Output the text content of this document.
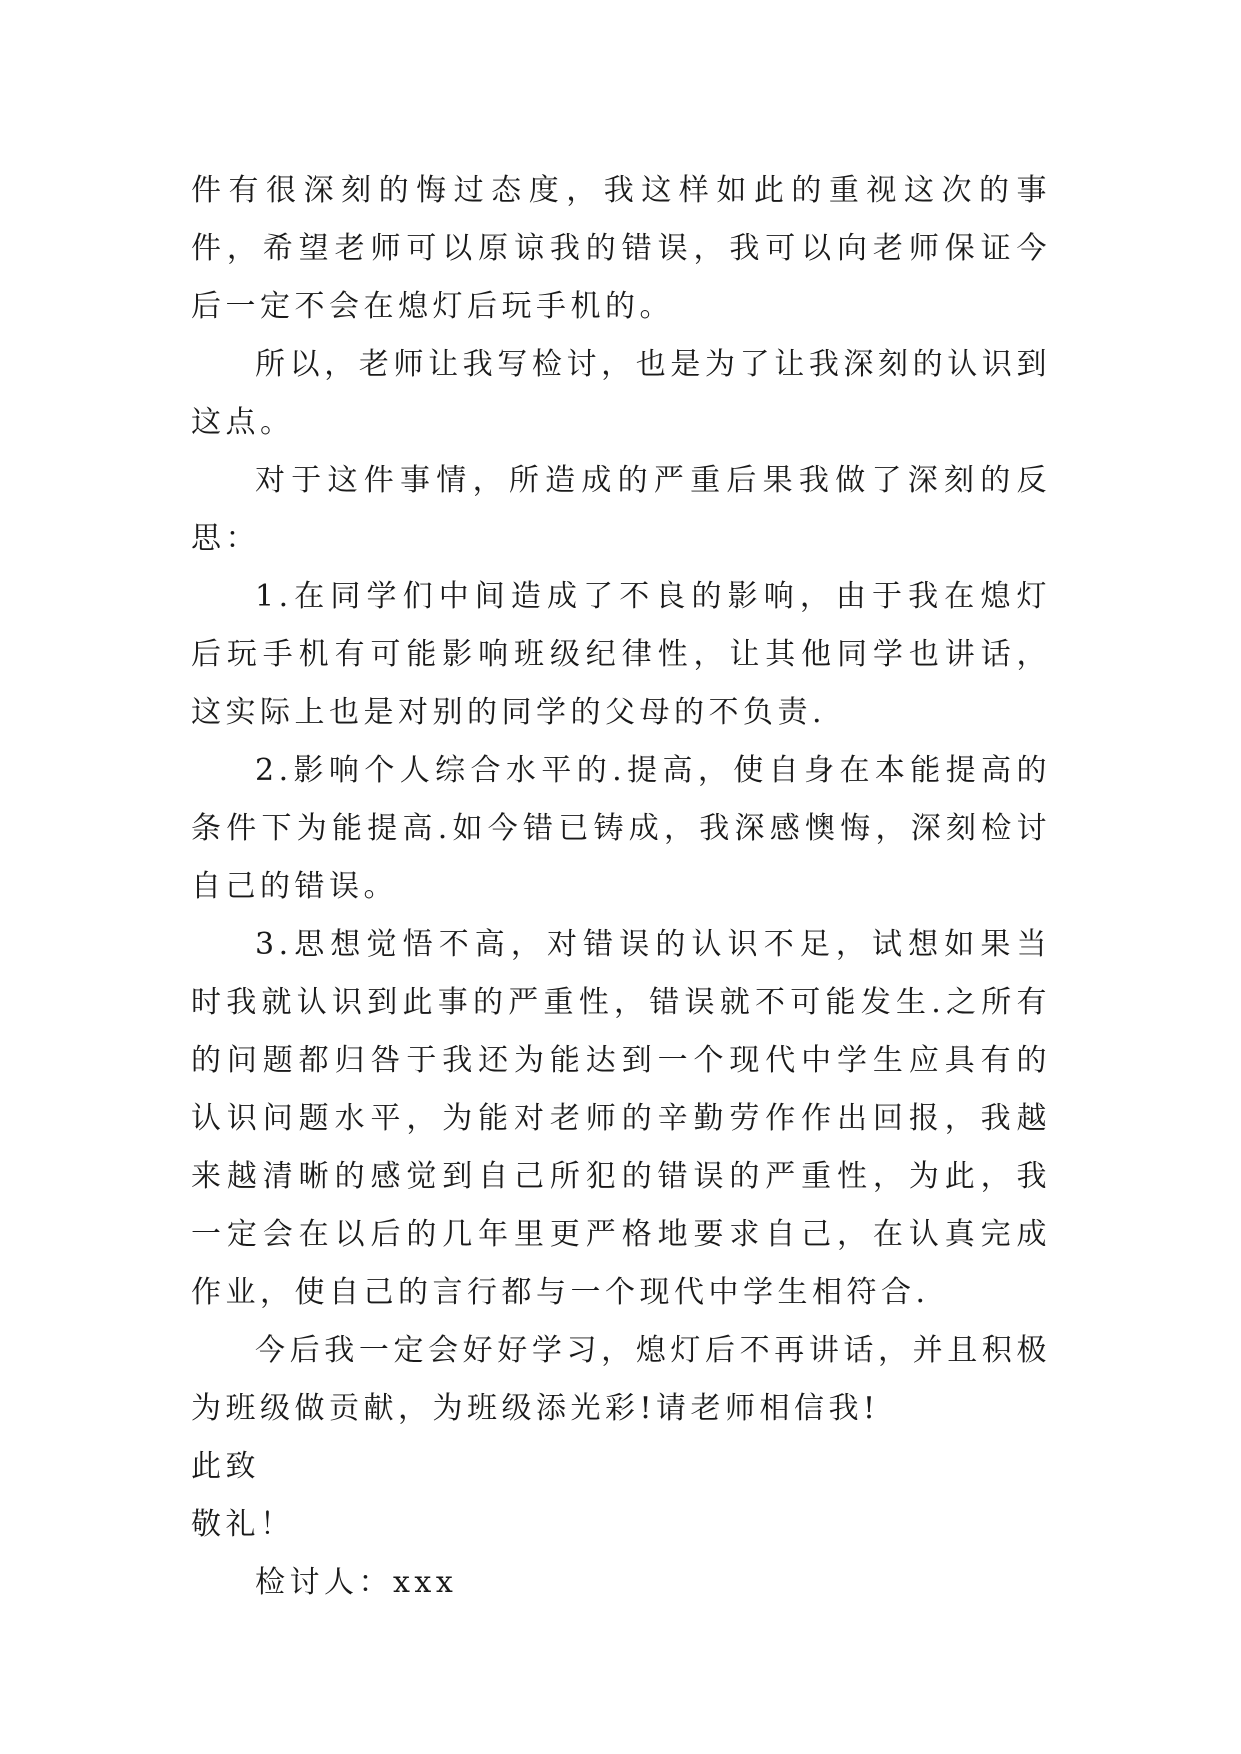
件有很深刻的悔过态度，我这样如此的重视这次的事件，希望老师可以原谅我的错误，我可以向老师保证今后一定不会在熄灯后玩手机的。

所以，老师让我写检讨，也是为了让我深刻的认识到这点。

对于这件事情，所造成的严重后果我做了深刻的反思：

1.在同学们中间造成了不良的影响，由于我在熄灯后玩手机有可能影响班级纪律性，让其他同学也讲话，这实际上也是对别的同学的父母的不负责.

2.影响个人综合水平的.提高，使自身在本能提高的条件下为能提高.如今错已铸成，我深感懊悔，深刻检讨自己的错误。

3.思想觉悟不高，对错误的认识不足，试想如果当时我就认识到此事的严重性，错误就不可能发生.之所有的问题都归咎于我还为能达到一个现代中学生应具有的认识问题水平，为能对老师的辛勤劳作作出回报，我越来越清晰的感觉到自己所犯的错误的严重性，为此，我一定会在以后的几年里更严格地要求自己，在认真完成作业，使自己的言行都与一个现代中学生相符合.

今后我一定会好好学习，熄灯后不再讲话，并且积极为班级做贡献，为班级添光彩!请老师相信我!

此致

敬礼！

检讨人：xxx
